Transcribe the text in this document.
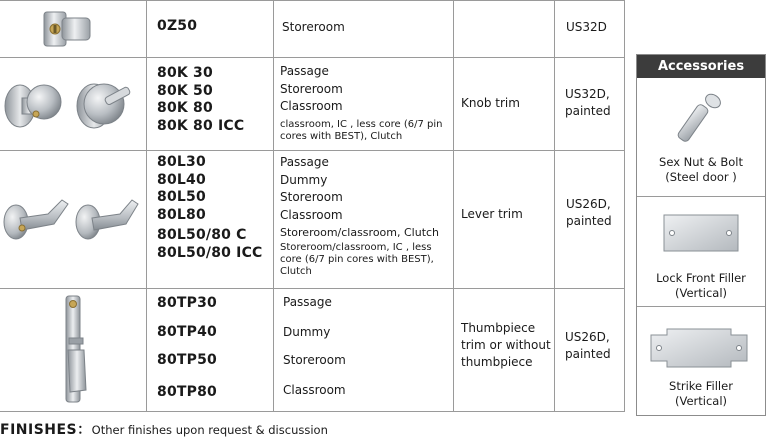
0Z50	Storeroom	US32D
80K 30
80K 50
80K 80
80K 80 ICC
Passage
Storeroom
Classroom
classroom, IC , less core (6/7 pin cores with BEST), Clutch
Knob trim
US32D, painted
80L30
80L40
80L50
80L80
80L50/80 C
80L50/80 ICC
Passage
Dummy
Storeroom
Classroom
Storeroom/classroom, Clutch
Storeroom/classroom, IC , less core (6/7 pin cores with BEST), Clutch
Lever trim
US26D, painted
80TP30
80TP40
80TP50
80TP80
Passage
Dummy
Storeroom
Classroom
Thumbpiece trim or without thumbpiece
US26D, painted
Accessories
Sex Nut & Bolt
(Steel door )
Lock Front Filler
(Vertical)
Strike Filler
(Vertical)
FINISHES：Other finishes upon request & discussion
